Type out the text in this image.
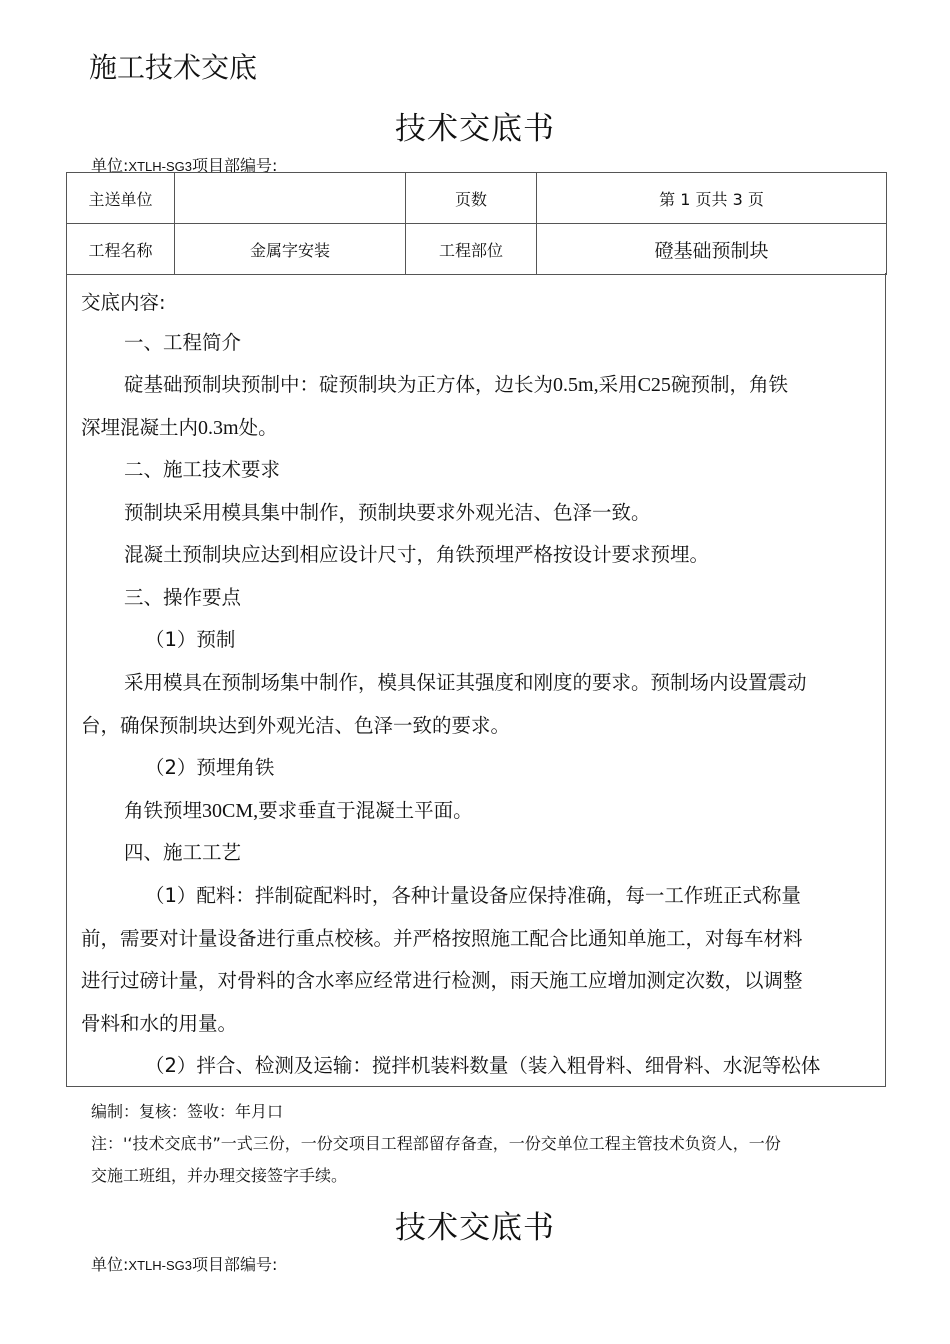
施工技术交底
技术交底书
单位:XTLH-SG3项目部编号:
主送单位		页数	第 1 页共 3 页
工程名称	金属字安装	工程部位	磴基础预制块
交底内容:
一、工程简介
碇基础预制块预制中：碇预制块为正方体，边长为0.5m,采用C25碗预制，角铁
深埋混凝土内0.3m处。
二、施工技术要求
预制块采用模具集中制作，预制块要求外观光洁、色泽一致。
混凝土预制块应达到相应设计尺寸，角铁预埋严格按设计要求预埋。
三、操作要点
（1）预制
采用模具在预制场集中制作，模具保证其强度和刚度的要求。预制场内设置震动
台，确保预制块达到外观光洁、色泽一致的要求。
（2）预埋角铁
角铁预埋30CM,要求垂直于混凝土平面。
四、施工工艺
（1）配料：拌制碇配料时，各种计量设备应保持准确，每一工作班正式称量
前，需要对计量设备进行重点校核。并严格按照施工配合比通知单施工，对每车材料
进行过磅计量，对骨料的含水率应经常进行检测，雨天施工应增加测定次数，以调整
骨料和水的用量。
（2）拌合、检测及运输：搅拌机装料数量（装入粗骨料、细骨料、水泥等松体
编制：复核：签收：年月口
注：'‘技术交底书”一式三份，一份交项目工程部留存备查，一份交单位工程主管技术负资人，一份
交施工班组，并办理交接签字手续。
技术交底书
单位:XTLH-SG3项目部编号:
